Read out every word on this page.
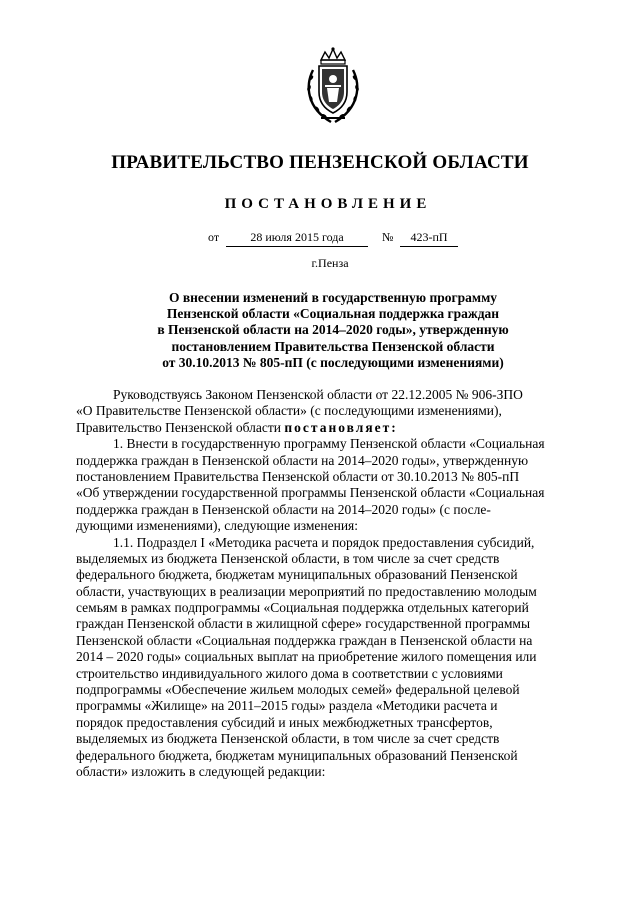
ПРАВИТЕЛЬСТВО ПЕНЗЕНСКОЙ ОБЛАСТИ
ПОСТАНОВЛЕНИЕ
от	28 июля 2015 года	№	423-пП
г.Пенза
О внесении изменений в государственную программу
Пензенской области «Социальная поддержка граждан
в Пензенской области на 2014–2020 годы», утвержденную
постановлением Правительства Пензенской области
от 30.10.2013 № 805-пП (с последующими изменениями)
Руководствуясь Законом Пензенской области от 22.12.2005 № 906-ЗПО
«О Правительстве Пензенской области» (с последующими изменениями),
Правительство Пензенской области постановляет:
1. Внести в государственную программу Пензенской области «Социальная
поддержка граждан в Пензенской области на 2014–2020 годы», утвержденную
постановлением Правительства Пензенской области от 30.10.2013 № 805-пП
«Об утверждении государственной программы Пензенской области «Социальная
поддержка граждан в Пензенской области на 2014–2020 годы» (с после-
дующими изменениями), следующие изменения:
1.1. Подраздел I «Методика расчета и порядок предоставления субсидий,
выделяемых из бюджета Пензенской области, в том числе за счет средств
федерального бюджета, бюджетам муниципальных образований Пензенской
области, участвующих в реализации мероприятий по предоставлению молодым
семьям в рамках подпрограммы «Социальная поддержка отдельных категорий
граждан Пензенской области в жилищной сфере» государственной программы
Пензенской области «Социальная поддержка граждан в Пензенской области на
2014 – 2020 годы» социальных выплат на приобретение жилого помещения или
строительство индивидуального жилого дома в соответствии с условиями
подпрограммы «Обеспечение жильем молодых семей» федеральной целевой
программы «Жилище» на 2011–2015 годы» раздела «Методики расчета и
порядок предоставления субсидий и иных межбюджетных трансфертов,
выделяемых из бюджета Пензенской области, в том числе за счет средств
федерального бюджета, бюджетам муниципальных образований Пензенской
области» изложить в следующей редакции:
